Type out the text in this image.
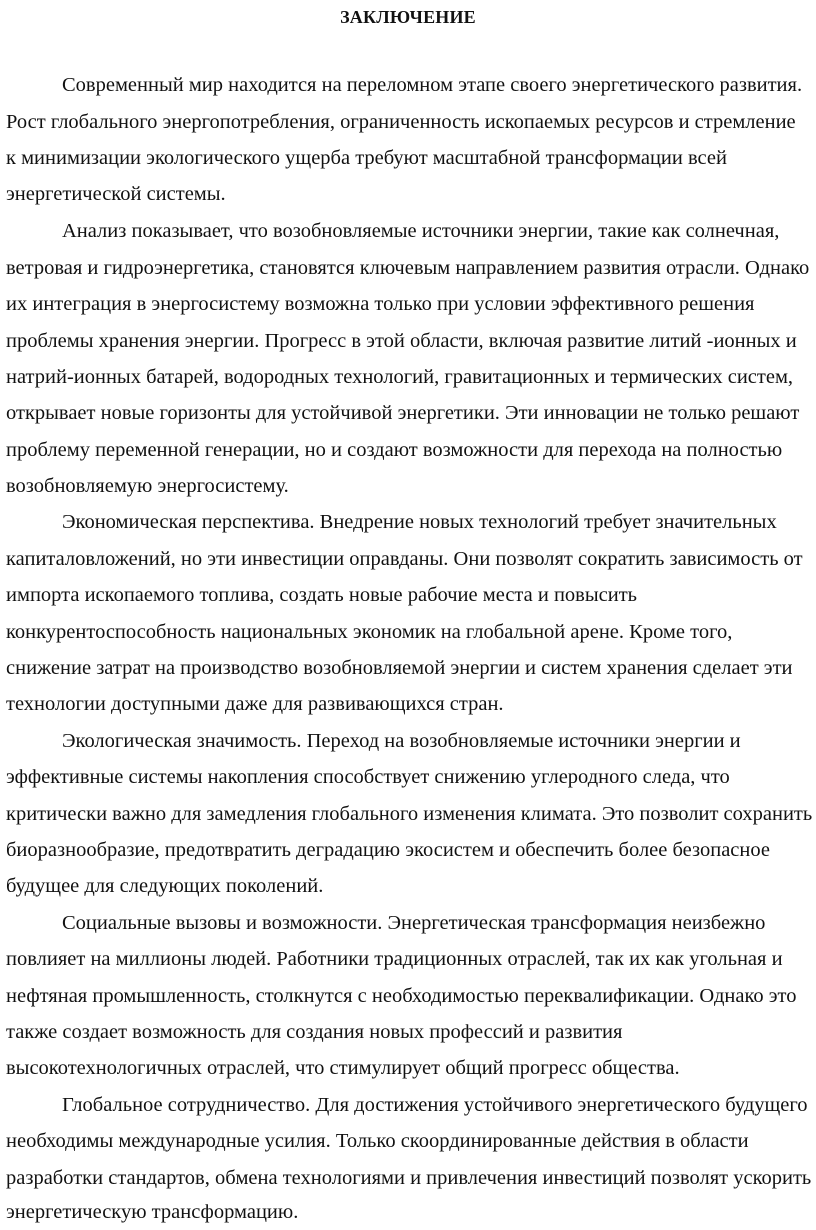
ЗАКЛЮЧЕНИЕ
Современный мир находится на переломном этапе своего энергетического развития.
Рост глобального энергопотребления, ограниченность ископаемых ресурсов и стремление
к минимизации экологического ущерба требуют масштабной трансформации всей
энергетической системы.
Анализ показывает, что возобновляемые источники энергии, такие как солнечная,
ветровая и гидроэнергетика, становятся ключевым направлением развития отрасли. Однако
их интеграция в энергосистему возможна только при условии эффективного решения
проблемы хранения энергии. Прогресс в этой области, включая развитие литий -ионных и
натрий-ионных батарей, водородных технологий, гравитационных и термических систем,
открывает новые горизонты для устойчивой энергетики. Эти инновации не только решают
проблему переменной генерации, но и создают возможности для перехода на полностью
возобновляемую энергосистему.
Экономическая перспектива. Внедрение новых технологий требует значительных
капиталовложений, но эти инвестиции оправданы. Они позволят сократить зависимость от
импорта ископаемого топлива, создать новые рабочие места и повысить
конкурентоспособность национальных экономик на глобальной арене. Кроме того,
снижение затрат на производство возобновляемой энергии и систем хранения сделает эти
технологии доступными даже для развивающихся стран.
Экологическая значимость. Переход на возобновляемые источники энергии и
эффективные системы накопления способствует снижению углеродного следа, что
критически важно для замедления глобального изменения климата. Это позволит сохранить
биоразнообразие, предотвратить деградацию экосистем и обеспечить более безопасное
будущее для следующих поколений.
Социальные вызовы и возможности. Энергетическая трансформация неизбежно
повлияет на миллионы людей. Работники традиционных отраслей, так их как угольная и
нефтяная промышленность, столкнутся с необходимостью переквалификации. Однако это
также создает возможность для создания новых профессий и развития
высокотехнологичных отраслей, что стимулирует общий прогресс общества.
Глобальное сотрудничество. Для достижения устойчивого энергетического будущего
необходимы международные усилия. Только скоординированные действия в области
разработки стандартов, обмена технологиями и привлечения инвестиций позволят ускорить
энергетическую трансформацию.
